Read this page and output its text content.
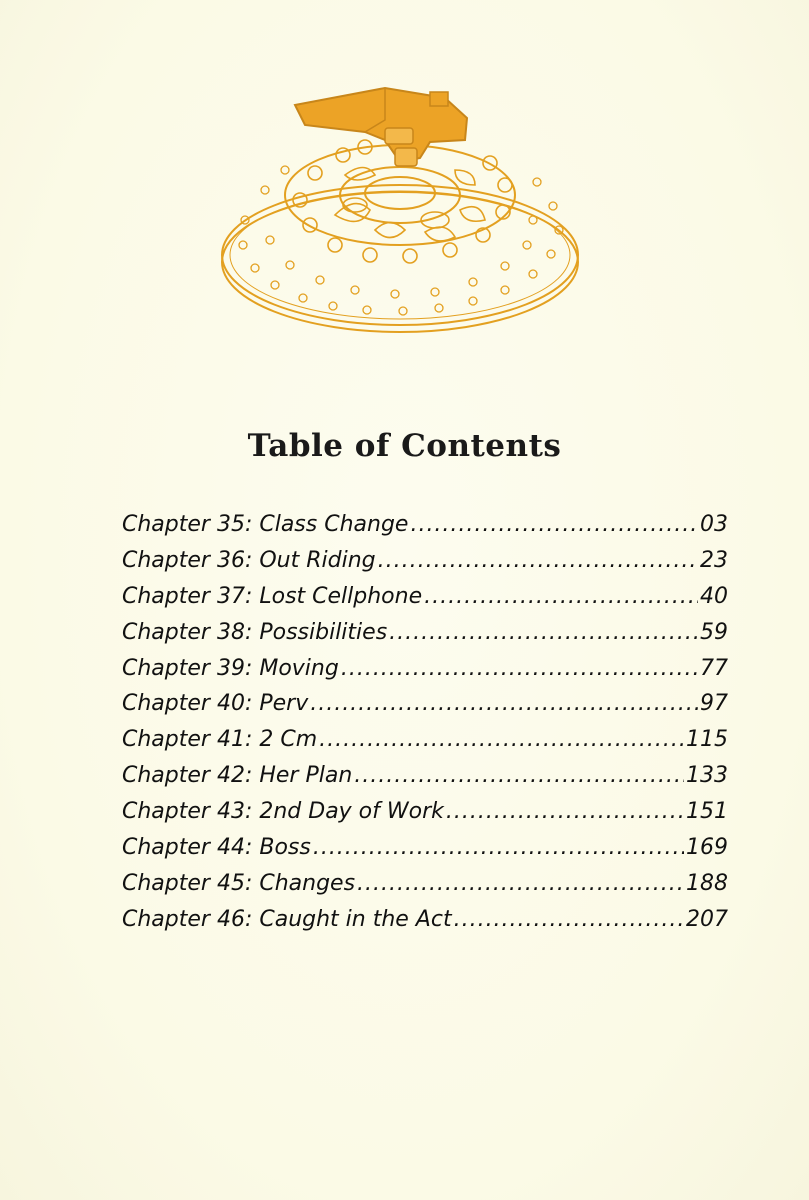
Table of Contents
Chapter 35: Class Change .....	03
Chapter 36: Out Riding .....	23
Chapter 37: Lost Cellphone .....	40
Chapter 38: Possibilities .....	59
Chapter 39: Moving .....	77
Chapter 40: Perv .....	97
Chapter 41: 2 Cm .....	115
Chapter 42: Her Plan .....	133
Chapter 43: 2nd Day of Work .....	151
Chapter 44: Boss .....	169
Chapter 45: Changes .....	188
Chapter 46: Caught in the Act .....	207
